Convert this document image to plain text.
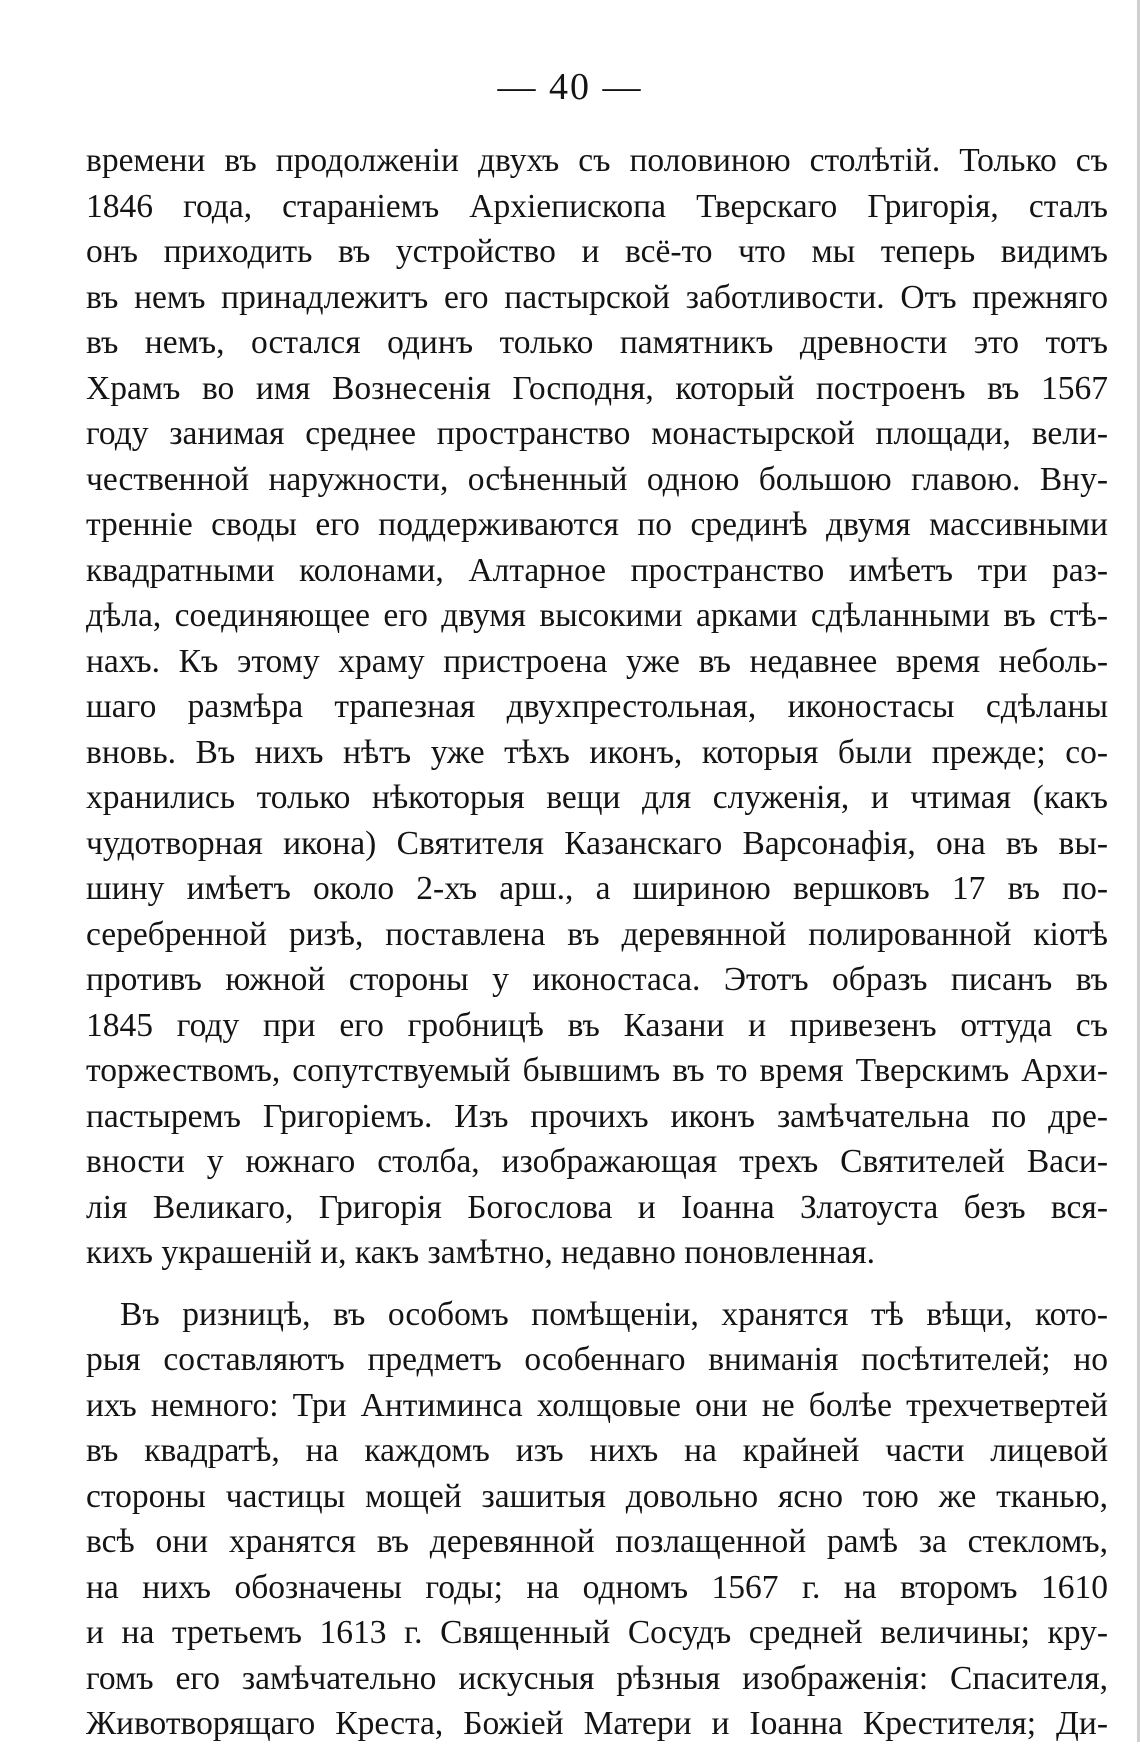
— 40 —
времени въ продолженіи двухъ съ половиною столѣтій. Только съ
1846 года, стараніемъ Архіепископа Тверскаго Григорія, сталъ
онъ приходить въ устройство и всё-то что мы теперь видимъ
въ немъ принадлежитъ его пастырской заботливости. Отъ прежняго
въ немъ, остался одинъ только памятникъ древности это тотъ
Храмъ во имя Вознесенія Господня, который построенъ въ 1567
году занимая среднее пространство монастырской площади, вели-
чественной наружности, осѣненный одною большою главою. Вну-
тренніе своды его поддерживаются по срединѣ двумя массивными
квадратными колонами, Алтарное пространство имѣетъ три раз-
дѣла, соединяющее его двумя высокими арками сдѣланными въ стѣ-
нахъ. Къ этому храму пристроена уже въ недавнее время неболь-
шаго размѣра трапезная двухпрестольная, иконостасы сдѣланы
вновь. Въ нихъ нѣтъ уже тѣхъ иконъ, которыя были прежде; со-
хранились только нѣкоторыя вещи для служенія, и чтимая (какъ
чудотворная икона) Святителя Казанскаго Варсонафія, она въ вы-
шину имѣетъ около 2-хъ арш., а шириною вершковъ 17 въ по-
серебренной ризѣ, поставлена въ деревянной полированной кіотѣ
противъ южной стороны у иконостаса. Этотъ образъ писанъ въ
1845 году при его гробницѣ въ Казани и привезенъ оттуда съ
торжествомъ, сопутствуемый бывшимъ въ то время Тверскимъ Архи-
пастыремъ Григоріемъ. Изъ прочихъ иконъ замѣчательна по дре-
вности у южнаго столба, изображающая трехъ Святителей Васи-
лія Великаго, Григорія Богослова и Іоанна Златоуста безъ вся-
кихъ украшеній и, какъ замѣтно, недавно поновленная.
Въ ризницѣ, въ особомъ помѣщеніи, хранятся тѣ вѣщи, кото-
рыя составляютъ предметъ особеннаго вниманія посѣтителей; но
ихъ немного: Три Антиминса холщовые они не болѣе трехчетвертей
въ квадратѣ, на каждомъ изъ нихъ на крайней части лицевой
стороны частицы мощей зашитыя довольно ясно тою же тканью,
всѣ они хранятся въ деревянной позлащенной рамѣ за стекломъ,
на нихъ обозначены годы; на одномъ 1567 г. на второмъ 1610
и на третьемъ 1613 г. Священный Сосудъ средней величины; кру-
гомъ его замѣчательно искусныя рѣзныя изображенія: Спасителя,
Животворящаго Креста, Божіей Матери и Іоанна Крестителя; Ди-
